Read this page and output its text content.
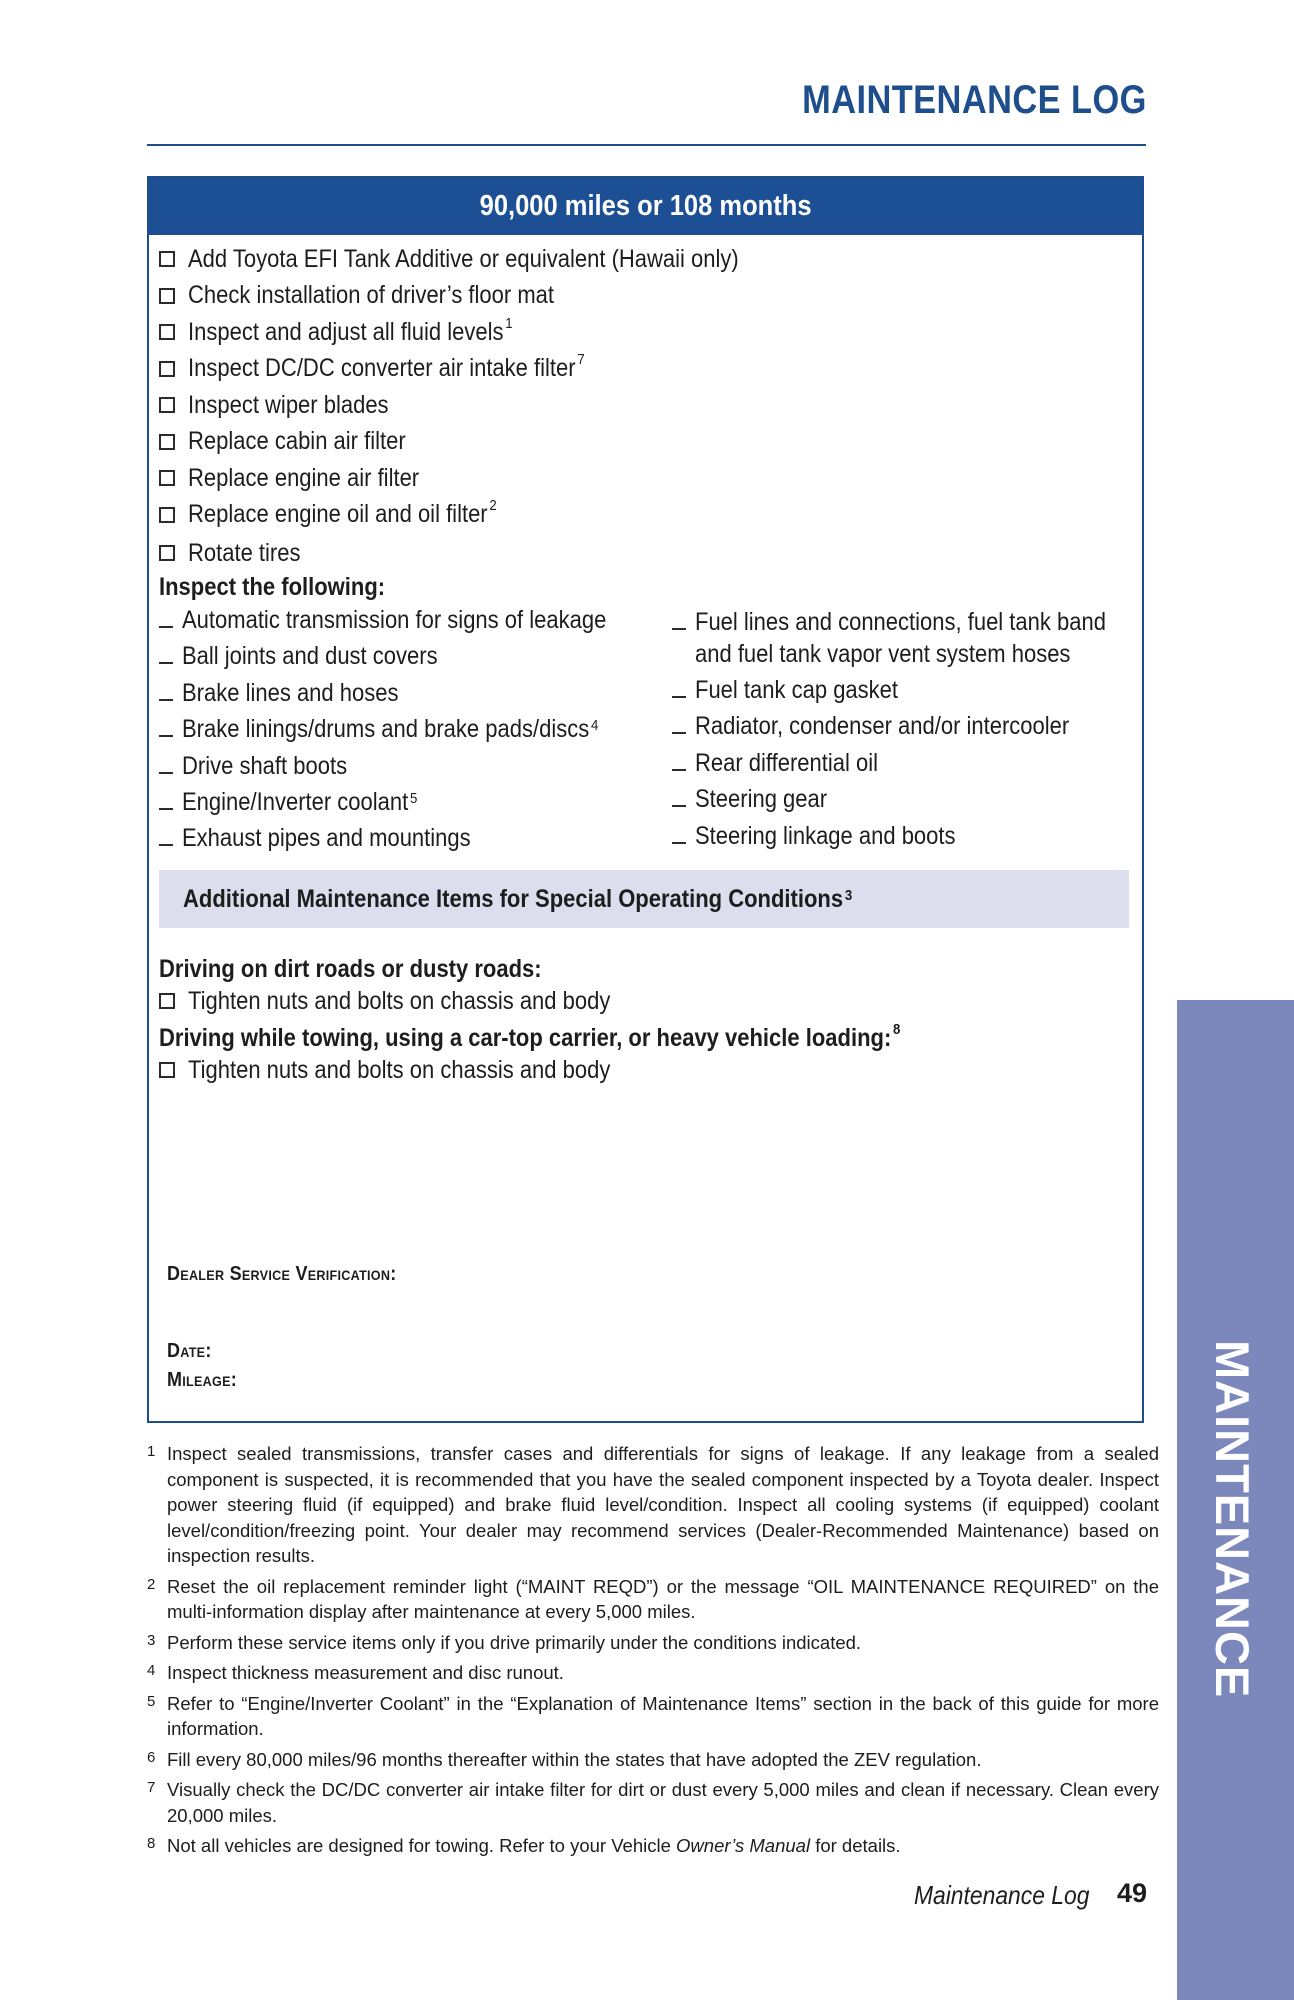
MAINTENANCE LOG
90,000 miles or 108 months
Add Toyota EFI Tank Additive or equivalent (Hawaii only)
Check installation of driver’s floor mat
Inspect and adjust all fluid levels $^1$
Inspect DC/DC converter air intake filter $^7$
Inspect wiper blades
Replace cabin air filter
Replace engine air filter
Replace engine oil and oil filter $^2$
Rotate tires
Inspect the following:
Automatic transmission for signs of leakage
Ball joints and dust covers
Brake lines and hoses
Brake linings/drums and brake pads/discs $^4$
Drive shaft boots
Engine/Inverter coolant $^5$
Exhaust pipes and mountings
Fuel lines and connections, fuel tank band
and fuel tank vapor vent system hoses
Fuel tank cap gasket
Radiator, condenser and/or intercooler
Rear differential oil
Steering gear
Steering linkage and boots
Additional Maintenance Items for Special Operating Conditions $^3$
Driving on dirt roads or dusty roads:
Tighten nuts and bolts on chassis and body
Driving while towing, using a car-top carrier, or heavy vehicle loading: $^8$
Tighten nuts and bolts on chassis and body
Dealer Service Verification:
Date:
Mileage:
1 Inspect sealed transmissions, transfer cases and differentials for signs of leakage. If any leakage from a sealed component is suspected, it is recommended that you have the sealed component inspected by a Toyota dealer. Inspect power steering fluid (if equipped) and brake fluid level/condition. Inspect all cooling systems (if equipped) coolant level/condition/freezing point. Your dealer may recommend services (Dealer-Recommended Maintenance) based on inspection results.
2 Reset the oil replacement reminder light (“MAINT REQD”) or the message “OIL MAINTENANCE REQUIRED” on the multi-information display after maintenance at every 5,000 miles.
3 Perform these service items only if you drive primarily under the conditions indicated.
4 Inspect thickness measurement and disc runout.
5 Refer to “Engine/Inverter Coolant” in the “Explanation of Maintenance Items” section in the back of this guide for more information.
6 Fill every 80,000 miles/96 months thereafter within the states that have adopted the ZEV regulation.
7 Visually check the DC/DC converter air intake filter for dirt or dust every 5,000 miles and clean if necessary. Clean every 20,000 miles.
8 Not all vehicles are designed for towing. Refer to your Vehicle Owner’s Manual for details.
MAINTENANCE
Maintenance Log 49
